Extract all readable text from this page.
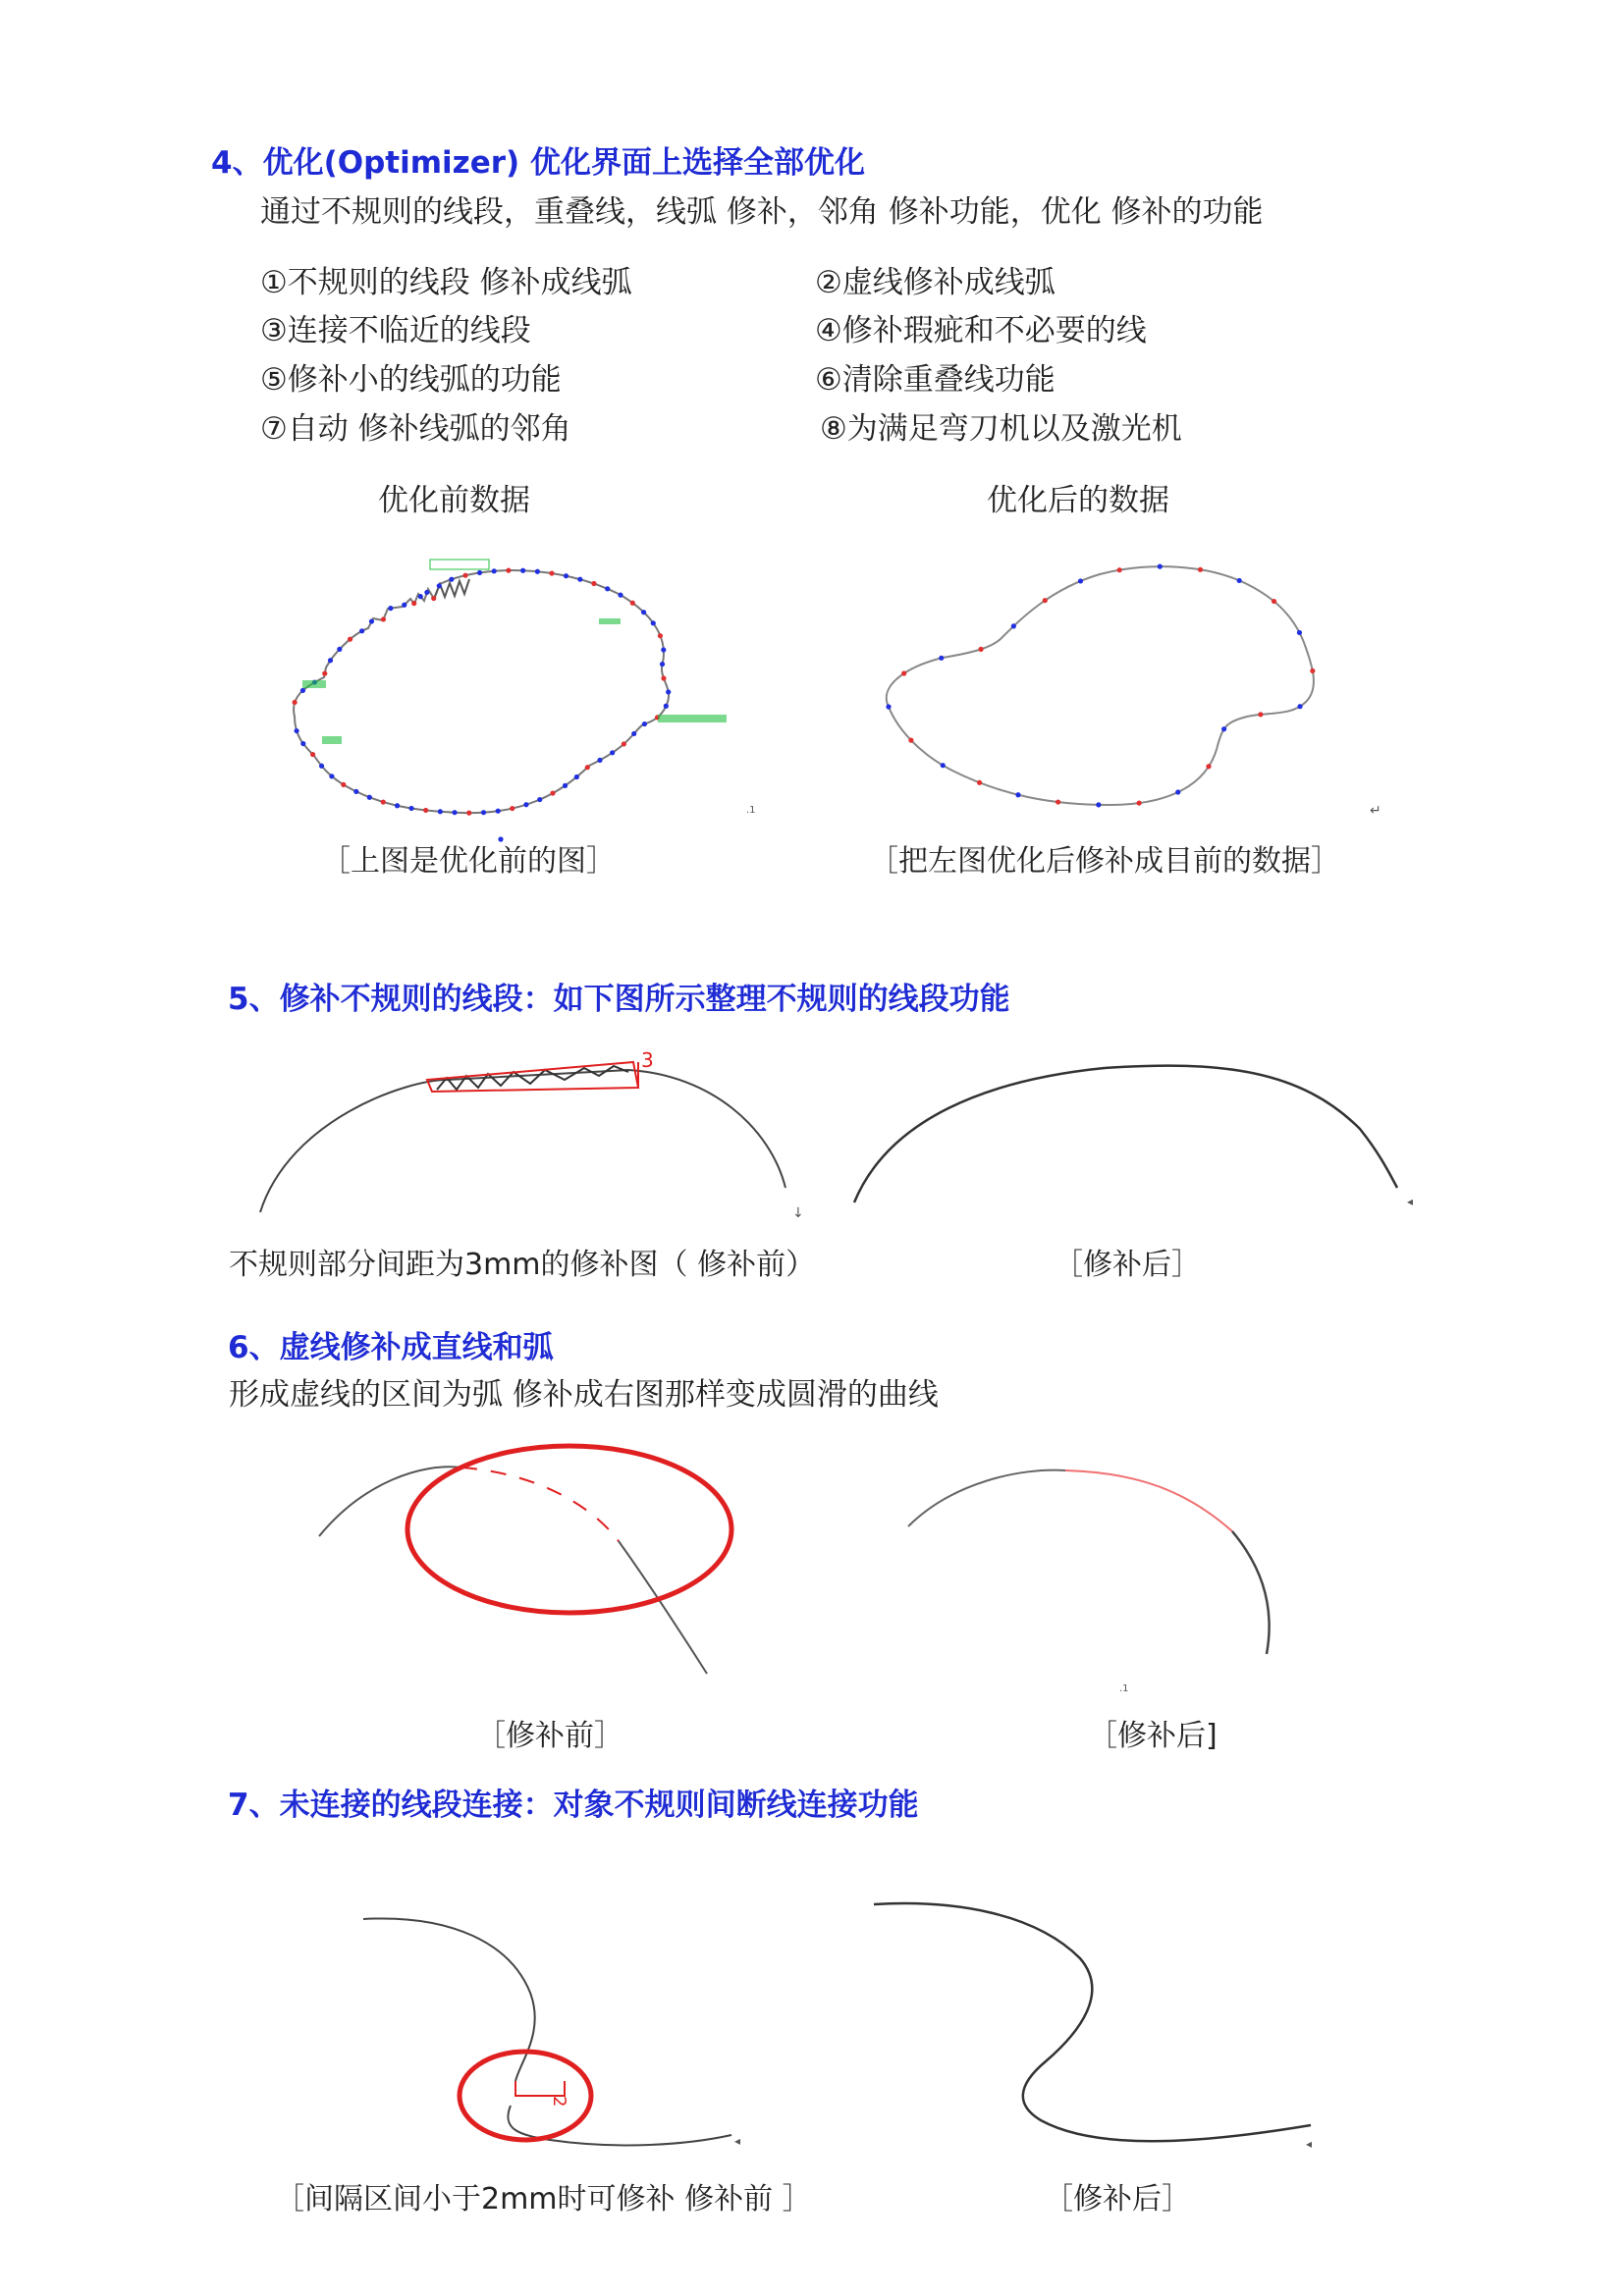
4、优化(Optimizer) 优化界面上选择全部优化
通过不规则的线段，重叠线，线弧 修补，邻角 修补功能，优化 修补的功能
①不规则的线段 修补成线弧	②虚线修补成线弧
③连接不临近的线段	④修补瑕疵和不必要的线
⑤修补小的线弧的功能	⑥清除重叠线功能
⑦自动 修补线弧的邻角	⑧为满足弯刀机以及激光机
优化前数据	优化后的数据
.1	↵
［上图是优化前的图］	［把左图优化后修补成目前的数据］
5、修补不规则的线段：如下图所示整理不规则的线段功能
3
↓
◂
不规则部分间距为3mm的修补图（ 修补前）	［修补后］
6、虚线修补成直线和弧
形成虚线的区间为弧 修补成右图那样变成圆滑的曲线
.1
［修补前］	［修补后]
7、未连接的线段连接：对象不规则间断线连接功能
2
◂	◂
［间隔区间小于2mm时可修补 修补前 ］	［修补后］
